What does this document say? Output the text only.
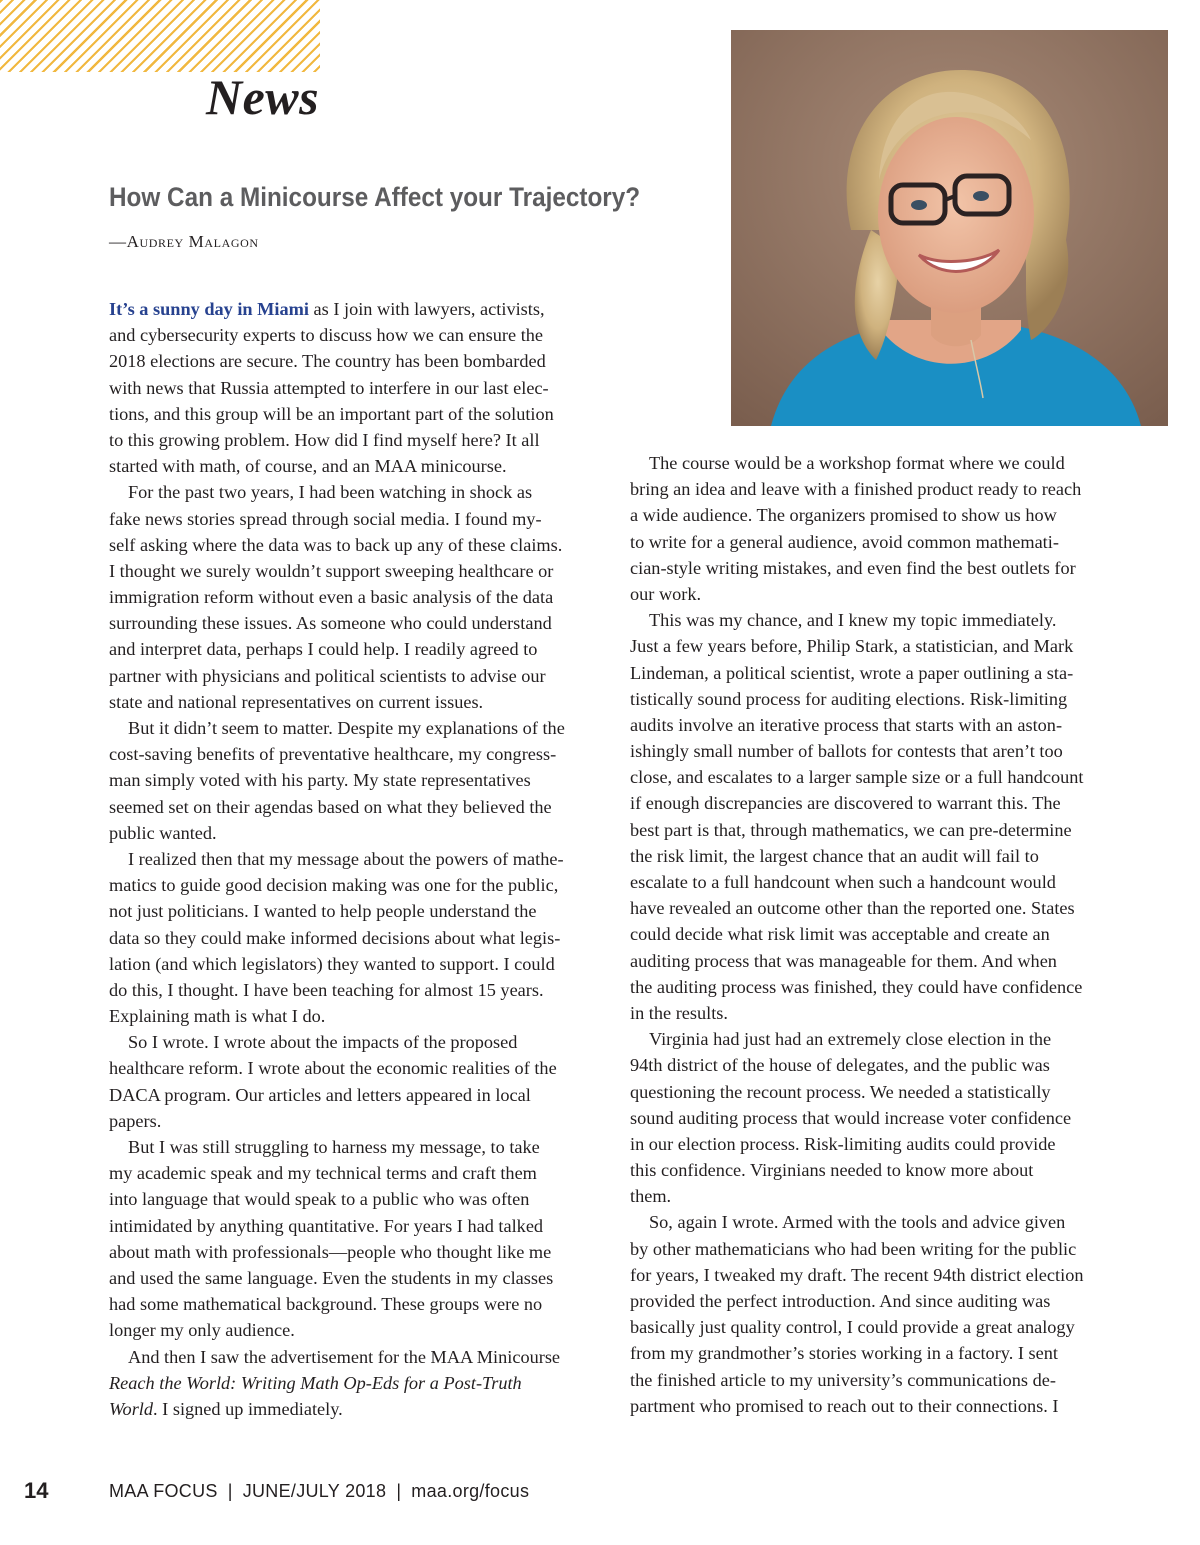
News
How Can a Minicourse Affect your Trajectory?
—Audrey Malagon
It’s a sunny day in Miami as I join with lawyers, activists,
and cybersecurity experts to discuss how we can ensure the
2018 elections are secure. The country has been bombarded
with news that Russia attempted to interfere in our last elec-
tions, and this group will be an important part of the solution
to this growing problem. How did I find myself here? It all
started with math, of course, and an MAA minicourse.
For the past two years, I had been watching in shock as
fake news stories spread through social media. I found my-
self asking where the data was to back up any of these claims.
I thought we surely wouldn’t support sweeping healthcare or
immigration reform without even a basic analysis of the data
surrounding these issues. As someone who could understand
and interpret data, perhaps I could help. I readily agreed to
partner with physicians and political scientists to advise our
state and national representatives on current issues.
But it didn’t seem to matter. Despite my explanations of the
cost-saving benefits of preventative healthcare, my congress-
man simply voted with his party. My state representatives
seemed set on their agendas based on what they believed the
public wanted.
I realized then that my message about the powers of mathe-
matics to guide good decision making was one for the public,
not just politicians. I wanted to help people understand the
data so they could make informed decisions about what legis-
lation (and which legislators) they wanted to support. I could
do this, I thought. I have been teaching for almost 15 years.
Explaining math is what I do.
So I wrote. I wrote about the impacts of the proposed
healthcare reform. I wrote about the economic realities of the
DACA program. Our articles and letters appeared in local
papers.
But I was still struggling to harness my message, to take
my academic speak and my technical terms and craft them
into language that would speak to a public who was often
intimidated by anything quantitative. For years I had talked
about math with professionals—people who thought like me
and used the same language. Even the students in my classes
had some mathematical background. These groups were no
longer my only audience.
And then I saw the advertisement for the MAA Minicourse
Reach the World: Writing Math Op-Eds for a Post-Truth
World. I signed up immediately.
The course would be a workshop format where we could
bring an idea and leave with a finished product ready to reach
a wide audience. The organizers promised to show us how
to write for a general audience, avoid common mathemati-
cian-style writing mistakes, and even find the best outlets for
our work.
This was my chance, and I knew my topic immediately.
Just a few years before, Philip Stark, a statistician, and Mark
Lindeman, a political scientist, wrote a paper outlining a sta-
tistically sound process for auditing elections. Risk-limiting
audits involve an iterative process that starts with an aston-
ishingly small number of ballots for contests that aren’t too
close, and escalates to a larger sample size or a full handcount
if enough discrepancies are discovered to warrant this. The
best part is that, through mathematics, we can pre-determine
the risk limit, the largest chance that an audit will fail to
escalate to a full handcount when such a handcount would
have revealed an outcome other than the reported one. States
could decide what risk limit was acceptable and create an
auditing process that was manageable for them. And when
the auditing process was finished, they could have confidence
in the results.
Virginia had just had an extremely close election in the
94th district of the house of delegates, and the public was
questioning the recount process. We needed a statistically
sound auditing process that would increase voter confidence
in our election process. Risk-limiting audits could provide
this confidence. Virginians needed to know more about
them.
So, again I wrote. Armed with the tools and advice given
by other mathematicians who had been writing for the public
for years, I tweaked my draft. The recent 94th district election
provided the perfect introduction. And since auditing was
basically just quality control, I could provide a great analogy
from my grandmother’s stories working in a factory. I sent
the finished article to my university’s communications de-
partment who promised to reach out to their connections. I
14	MAA FOCUS | JUNE/JULY 2018 | maa.org/focus
